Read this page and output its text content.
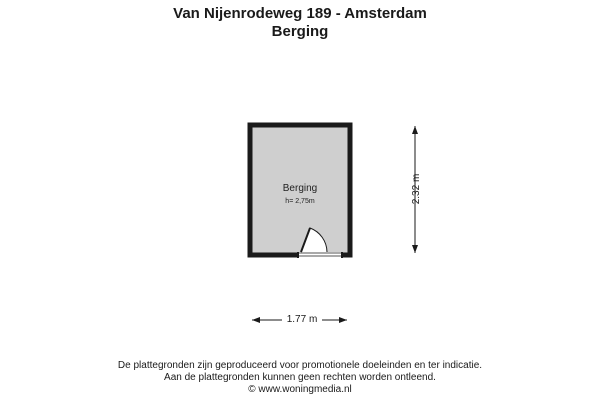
Van Nijenrodeweg 189 - Amsterdam
Berging
Berging
h= 2,75m
1.77 m
2.32 m
De plattegronden zijn geproduceerd voor promotionele doeleinden en ter indicatie.
Aan de plattegronden kunnen geen rechten worden ontleend.
© www.woningmedia.nl
